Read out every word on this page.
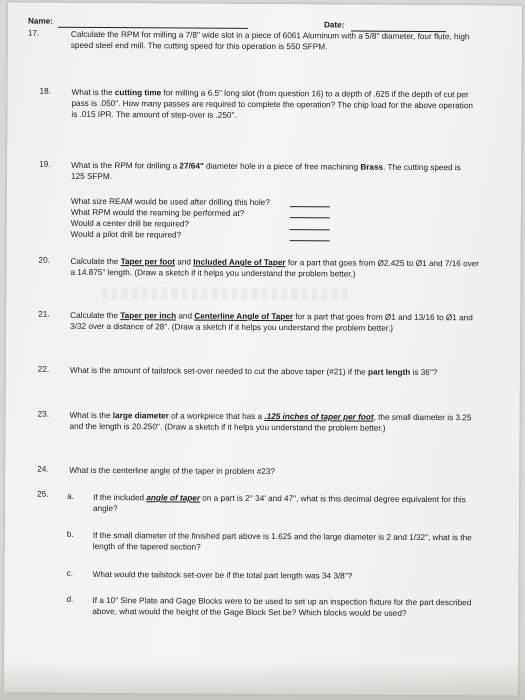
Name:	Date:
17.	Calculate the RPM for milling a 7/8" wide slot in a piece of 6061 Aluminum with a 5/8" diameter, four flute, high speed steel end mill. The cutting speed for this operation is 550 SFPM.
18.	What is the cutting time for milling a 6.5" long slot (from question 16) to a depth of .625 if the depth of cut per pass is .050". How many passes are required to complete the operation? The chip load for the above operation is .015 IPR. The amount of step-over is .250".
19.	What is the RPM for drilling a 27/64" diameter hole in a piece of free machining Brass. The cutting speed is 125 SFPM.
What size REAM would be used after drilling this hole?
What RPM would the reaming be performed at?
Would a center drill be required?
Would a pilot drill be required?
20.	Calculate the Taper per foot and Included Angle of Taper for a part that goes from Ø2.425 to Ø1 and 7/16 over a 14.875" length. (Draw a sketch if it helps you understand the problem better.)
21.	Calculate the Taper per inch and Centerline Angle of Taper for a part that goes from Ø1 and 13/16 to Ø1 and 3/32 over a distance of 28". (Draw a sketch if it helps you understand the problem better.)
22.	What is the amount of tailstock set-over needed to cut the above taper (#21) if the part length is 36"?
23.	What is the large diameter of a workpiece that has a .125 inches of taper per foot, the small diameter is 3.25 and the length is 20.250". (Draw a sketch if it helps you understand the problem better.)
24.	What is the centerline angle of the taper in problem #23?
25. a. If the included angle of taper on a part is 2° 34' and 47", what is this decimal degree equivalent for this angle?
b. If the small diameter of the finished part above is 1.625 and the large diameter is 2 and 1/32", what is the length of the tapered section?
c. What would the tailstock set-over be if the total part length was 34 3/8"?
d. If a 10" Sine Plate and Gage Blocks were to be used to set up an inspection fixture for the part described above, what would the height of the Gage Block Set be? Which blocks would be used?
